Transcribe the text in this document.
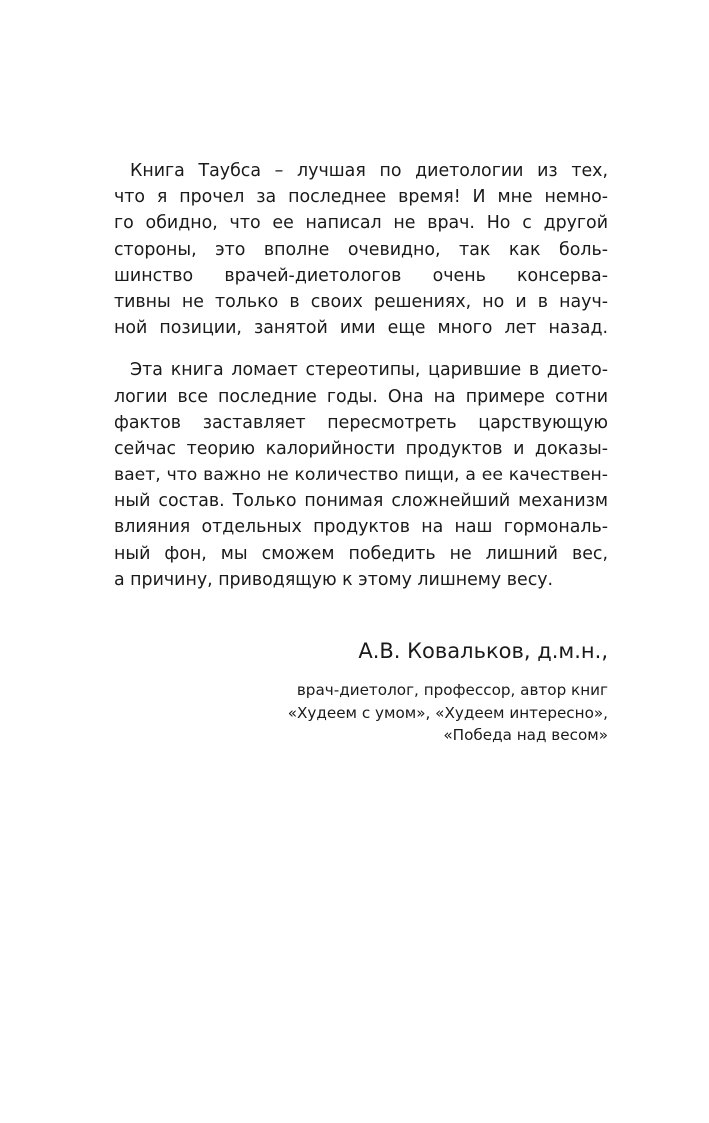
Книга Таубса – лучшая по диетологии из тех,
что я прочел за последнее время! И мне немно-
го обидно, что ее написал не врач. Но с другой
стороны, это вполне очевидно, так как боль-
шинство врачей-диетологов очень консерва-
тивны не только в своих решениях, но и в науч-
ной позиции, занятой ими еще много лет назад.

Эта книга ломает стереотипы, царившие в дието-
логии все последние годы. Она на примере сотни
фактов заставляет пересмотреть царствующую
сейчас теорию калорийности продуктов и доказы-
вает, что важно не количество пищи, а ее качествен-
ный состав. Только понимая сложнейший механизм
влияния отдельных продуктов на наш гормональ-
ный фон, мы сможем победить не лишний вес,
а причину, приводящую к этому лишнему весу.

А.В. Ковальков, д.м.н.,

врач-диетолог, профессор, автор книг
«Худеем с умом», «Худеем интересно»,
«Победа над весом»
